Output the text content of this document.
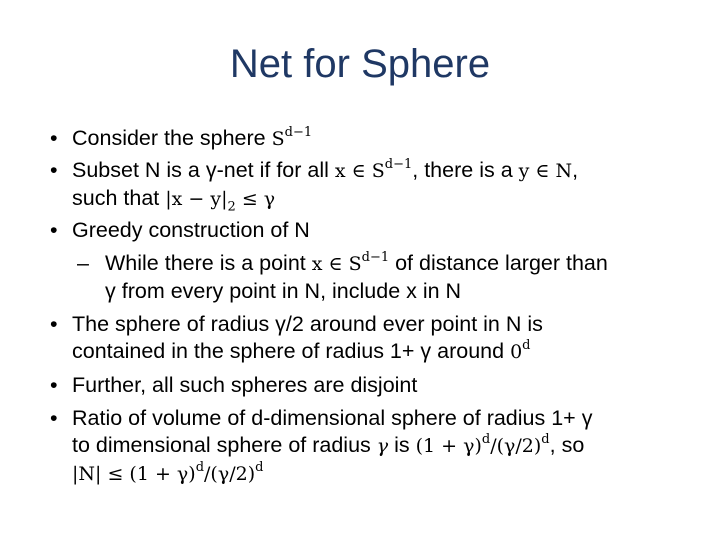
Net for Sphere
• Consider the sphere $S^{d-1}$
• Subset N is a γ-net if for all x ∈ $S^{d-1}$, there is a y ∈ N,
such that $|x - y|_2 \le \gamma$
• Greedy construction of N
– While there is a point x ∈ $S^{d-1}$ of distance larger than
γ from every point in N, include x in N
• The sphere of radius γ/2 around ever point in N is
contained in the sphere of radius 1+ γ around 0$^d$
• Further, all such spheres are disjoint
• Ratio of volume of d-dimensional sphere of radius 1+ γ
to dimensional sphere of radius γ is $(1 + \gamma)^d/(\gamma/2)^d$, so
$|N| \le (1 + \gamma)^d/(\gamma/2)^d$
